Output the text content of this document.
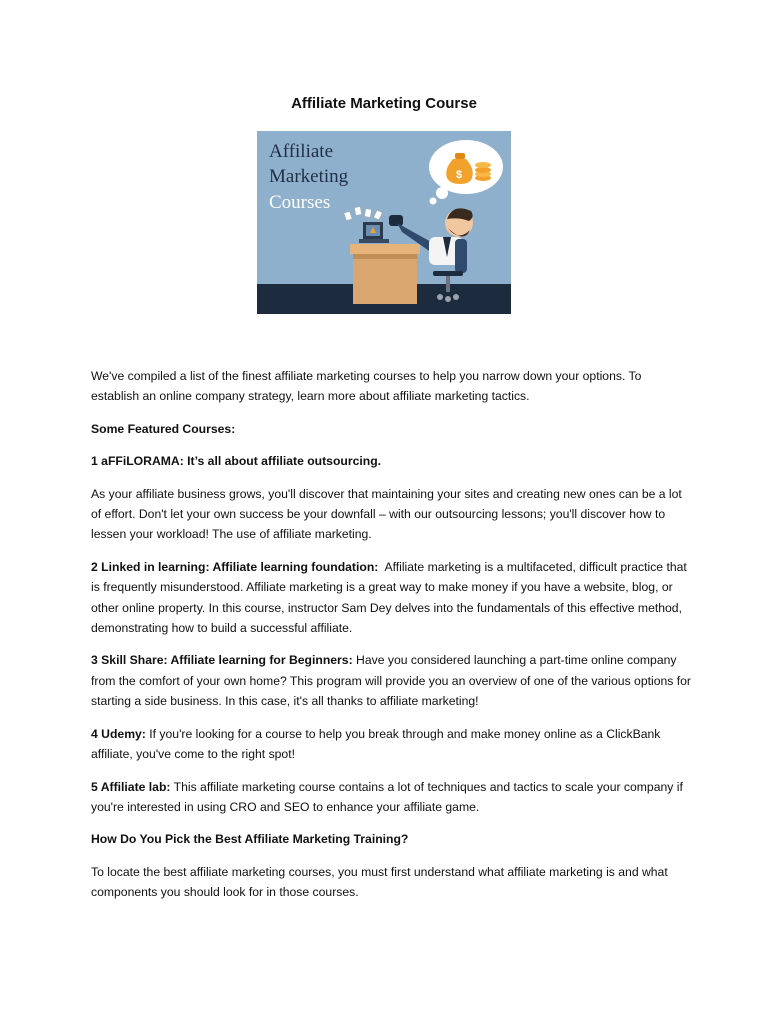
Affiliate Marketing Course
Affiliate
Marketing
Courses
$

We've compiled a list of the finest affiliate marketing courses to help you narrow down your options. To establish an online company strategy, learn more about affiliate marketing tactics.

Some Featured Courses:

1 aFFiLORAMA: It’s all about affiliate outsourcing.

As your affiliate business grows, you'll discover that maintaining your sites and creating new ones can be a lot of effort. Don't let your own success be your downfall – with our outsourcing lessons; you'll discover how to lessen your workload! The use of affiliate marketing.

2 Linked in learning: Affiliate learning foundation: Affiliate marketing is a multifaceted, difficult practice that is frequently misunderstood. Affiliate marketing is a great way to make money if you have a website, blog, or other online property. In this course, instructor Sam Dey delves into the fundamentals of this effective method, demonstrating how to build a successful affiliate.

3 Skill Share: Affiliate learning for Beginners: Have you considered launching a part-time online company from the comfort of your own home? This program will provide you an overview of one of the various options for starting a side business. In this case, it's all thanks to affiliate marketing!

4 Udemy: If you're looking for a course to help you break through and make money online as a ClickBank affiliate, you've come to the right spot!

5 Affiliate lab: This affiliate marketing course contains a lot of techniques and tactics to scale your company if you're interested in using CRO and SEO to enhance your affiliate game.

How Do You Pick the Best Affiliate Marketing Training?

To locate the best affiliate marketing courses, you must first understand what affiliate marketing is and what components you should look for in those courses.
